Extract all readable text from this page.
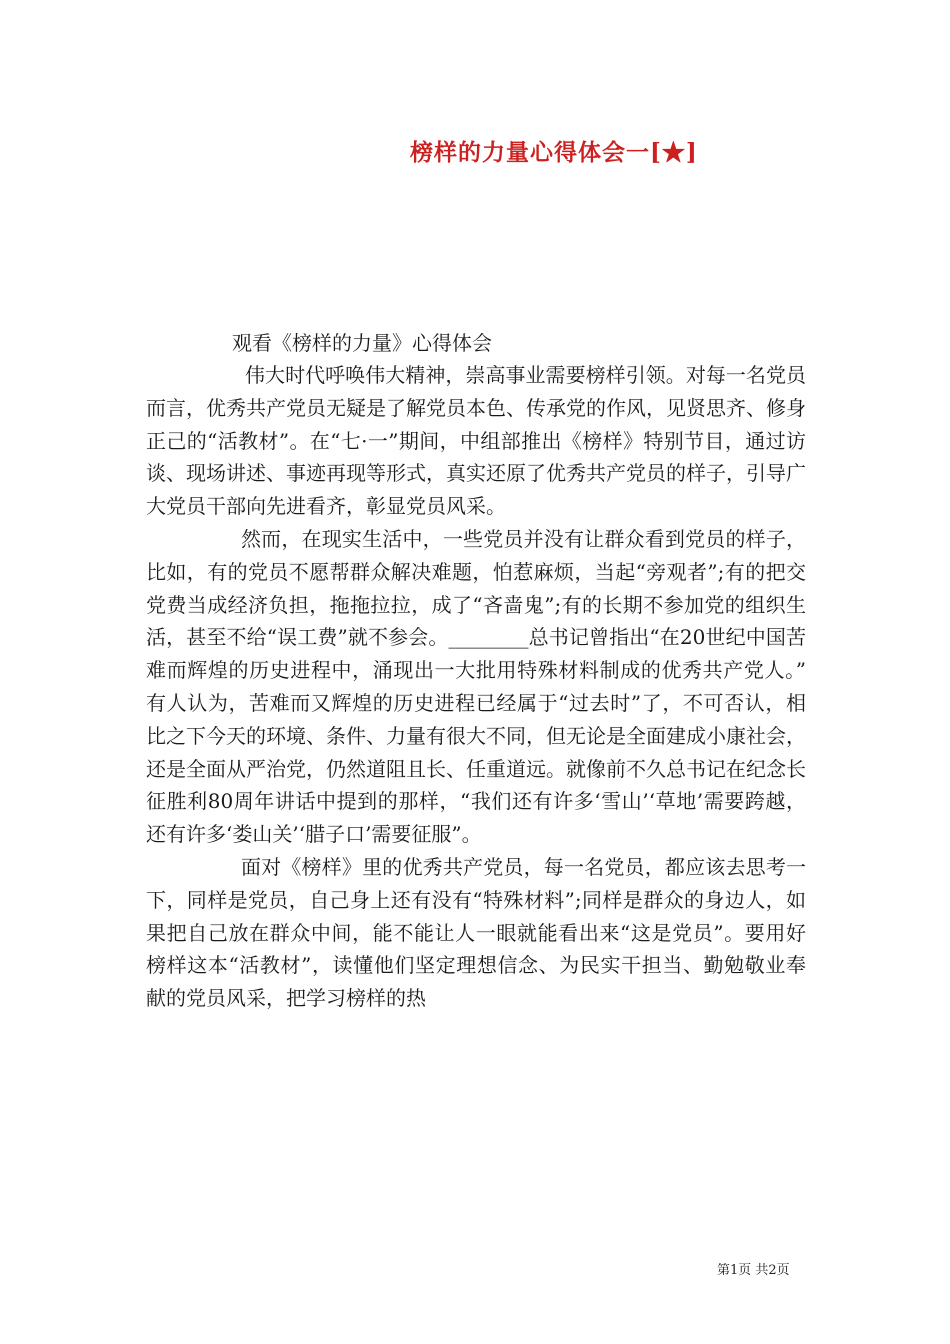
榜样的力量心得体会一[★]
观看《榜样的力量》心得体会

伟大时代呼唤伟大精神，崇高事业需要榜样引领。对每一名党员而言，优秀共产党员无疑是了解党员本色、传承党的作风，见贤思齐、修身正己的“活教材”。在“七·一”期间，中组部推出《榜样》特别节目，通过访谈、现场讲述、事迹再现等形式，真实还原了优秀共产党员的样子，引导广大党员干部向先进看齐，彰显党员风采。

然而，在现实生活中，一些党员并没有让群众看到党员的样子，比如，有的党员不愿帮群众解决难题，怕惹麻烦，当起“旁观者”;有的把交党费当成经济负担，拖拖拉拉，成了“吝啬鬼”;有的长期不参加党的组织生活，甚至不给“误工费”就不参会。________总书记曾指出“在20世纪中国苦难而辉煌的历史进程中，涌现出一大批用特殊材料制成的优秀共产党人。”有人认为，苦难而又辉煌的历史进程已经属于“过去时”了，不可否认，相比之下今天的环境、条件、力量有很大不同，但无论是全面建成小康社会，还是全面从严治党，仍然道阻且长、任重道远。就像前不久总书记在纪念长征胜利80周年讲话中提到的那样，“我们还有许多‘雪山’‘草地’需要跨越，还有许多‘娄山关’‘腊子口’需要征服”。

面对《榜样》里的优秀共产党员，每一名党员，都应该去思考一下，同样是党员，自己身上还有没有“特殊材料”;同样是群众的身边人，如果把自己放在群众中间，能不能让人一眼就能看出来“这是党员”。要用好榜样这本“活教材”，读懂他们坚定理想信念、为民实干担当、勤勉敬业奉献的党员风采，把学习榜样的热

第1页 共2页
